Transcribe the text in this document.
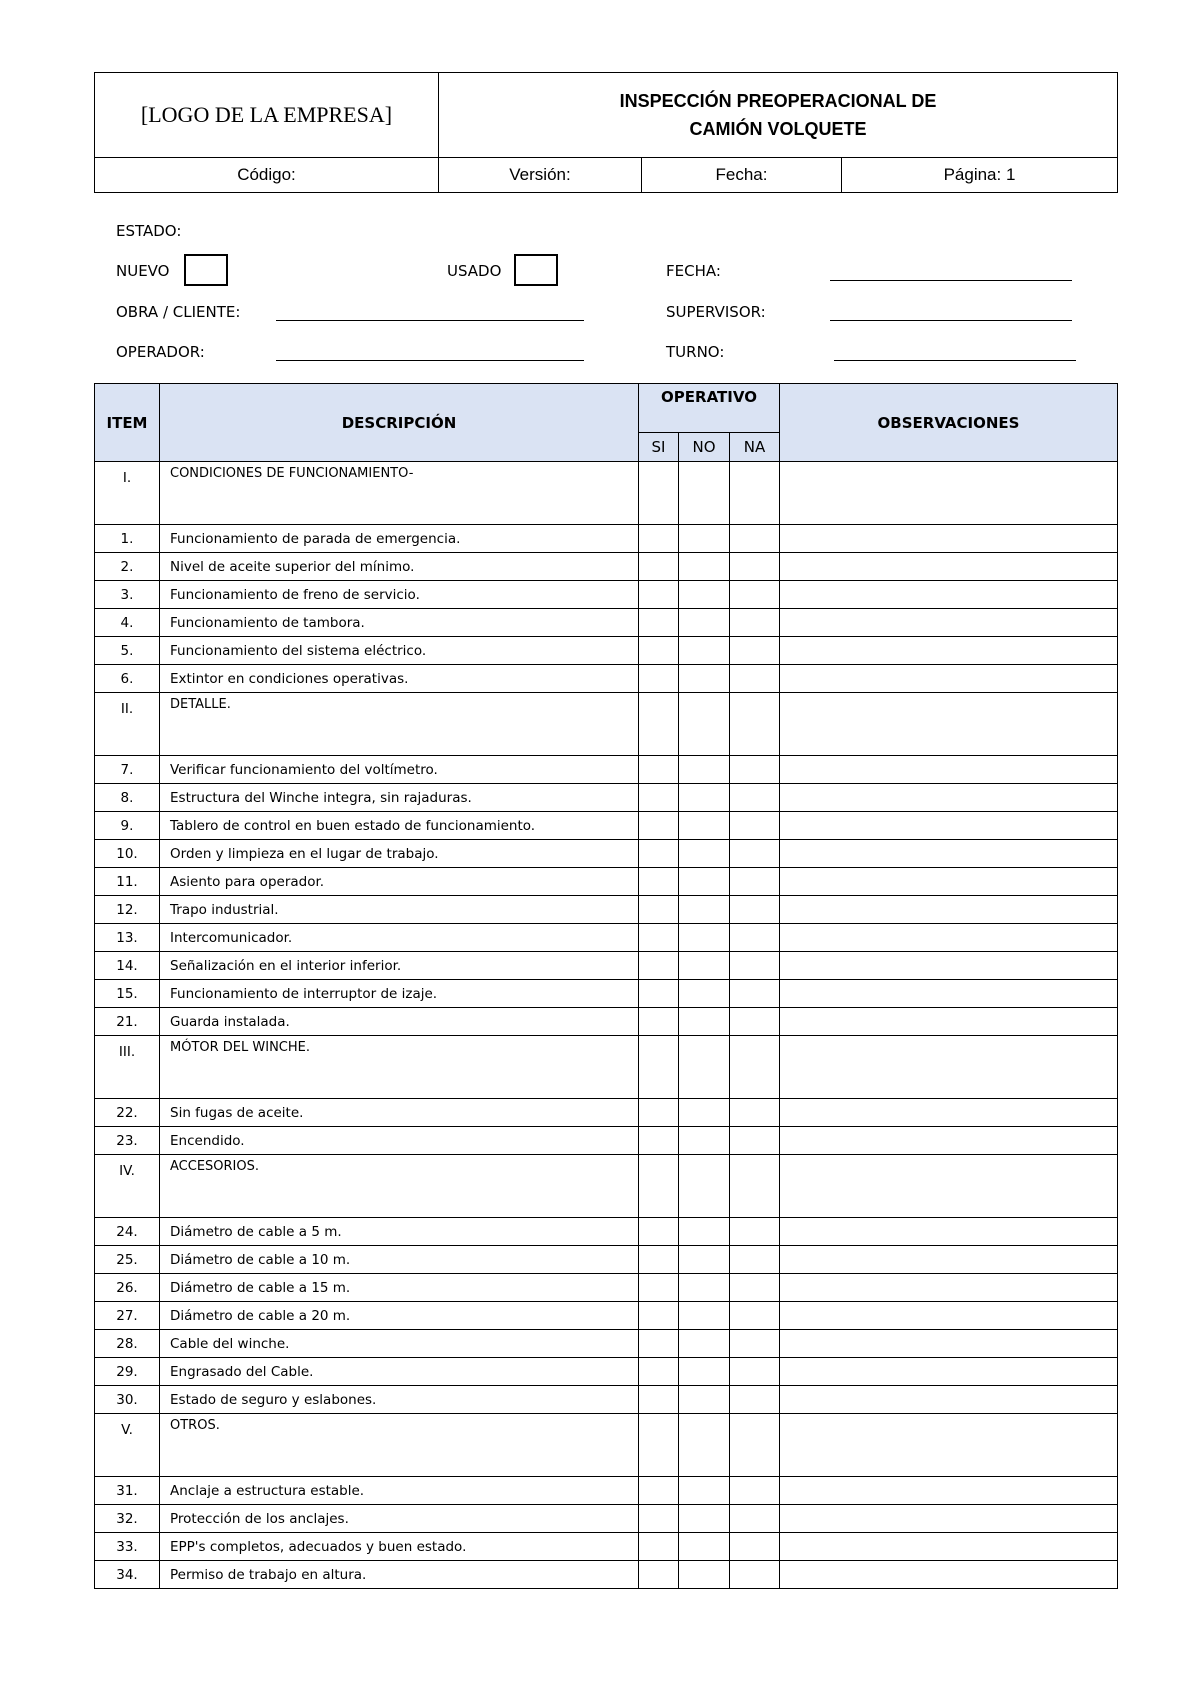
[LOGO DE LA EMPRESA]	INSPECCIÓN PREOPERACIONAL DE
CAMIÓN VOLQUETE		

Código:	Versión:	Fecha:	Página: 1
ESTADO:
NUEVO	USADO	FECHA:
OBRA / CLIENTE:	SUPERVISOR:
OPERADOR:	TURNO:
ITEM	DESCRIPCIÓN	OPERATIVO			OBSERVACIONES
		SI	NO	NA	
I.	CONDICIONES DE FUNCIONAMIENTO-				
1.	Funcionamiento de parada de emergencia.				
2.	Nivel de aceite superior del mínimo.				
3.	Funcionamiento de freno de servicio.				
4.	Funcionamiento de tambora.				
5.	Funcionamiento del sistema eléctrico.				
6.	Extintor en condiciones operativas.				
II.	DETALLE.				
7.	Verificar funcionamiento del voltímetro.				
8.	Estructura del Winche integra, sin rajaduras.				
9.	Tablero de control en buen estado de funcionamiento.				
10.	Orden y limpieza en el lugar de trabajo.				
11.	Asiento para operador.				
12.	Trapo industrial.				
13.	Intercomunicador.				
14.	Señalización en el interior inferior.				
15.	Funcionamiento de interruptor de izaje.				
21.	Guarda instalada.				
III.	MÓTOR DEL WINCHE.				
22.	Sin fugas de aceite.				
23.	Encendido.				
IV.	ACCESORIOS.				
24.	Diámetro de cable a 5 m.				
25.	Diámetro de cable a 10 m.				
26.	Diámetro de cable a 15 m.				
27.	Diámetro de cable a 20 m.				
28.	Cable del winche.				
29.	Engrasado del Cable.				
30.	Estado de seguro y eslabones.				
V.	OTROS.				
31.	Anclaje a estructura estable.				
32.	Protección de los anclajes.				
33.	EPP's completos, adecuados y buen estado.				
34.	Permiso de trabajo en altura.				
